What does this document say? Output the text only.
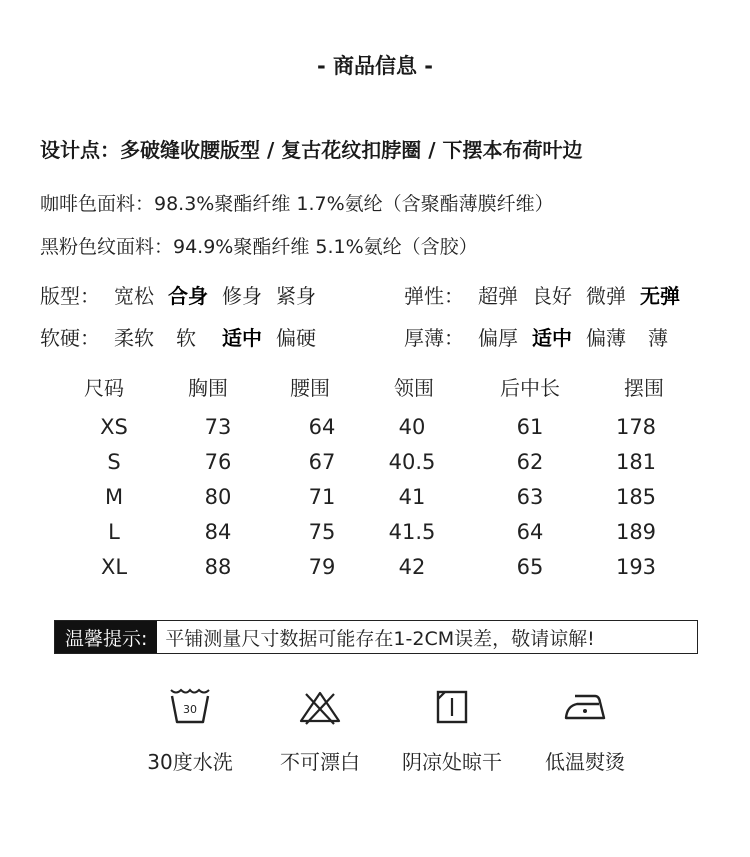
- 商品信息 -
设计点：多破缝收腰版型 / 复古花纹扣脖圈 / 下摆本布荷叶边
咖啡色面料：98.3%聚酯纤维 1.7%氨纶（含聚酯薄膜纤维）
黑粉色纹面料：94.9%聚酯纤维 5.1%氨纶（含胶）
版型： 宽松 合身 修身 紧身	弹性： 超弹 良好 微弹 无弹
软硬： 柔软 软 适中 偏硬	厚薄： 偏厚 适中 偏薄 薄
尺码	胸围	腰围	领围	后中长	摆围
XS	73	64	40	61	178
S	76	67	40.5	62	181
M	80	71	41	63	185
L	84	75	41.5	64	189
XL	88	79	42	65	193
温馨提示: 平铺测量尺寸数据可能存在1-2CM误差，敬请谅解!
30
30度水洗	不可漂白	阴凉处晾干	低温熨烫
